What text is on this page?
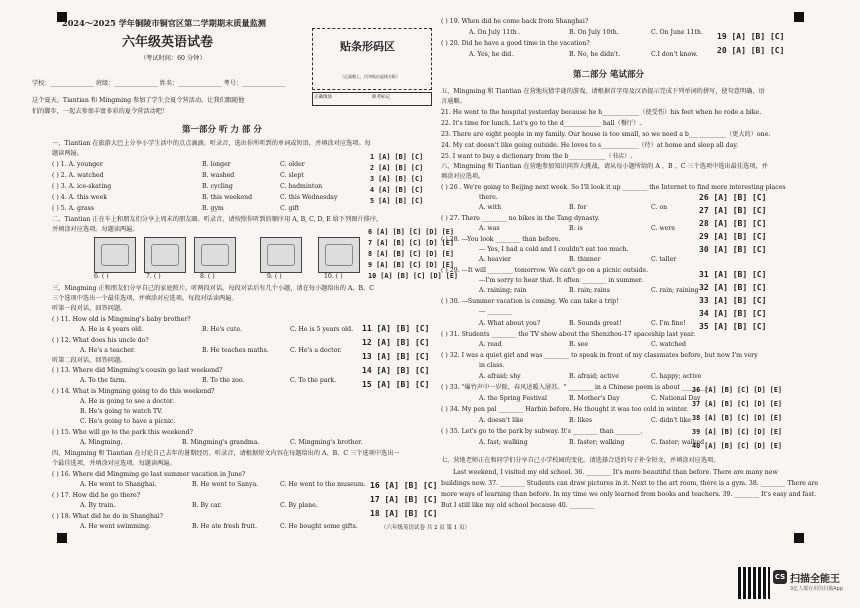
2024～2025 学年铜陵市铜官区第二学期期末质量监测
六年级英语试卷
（考试时间：60 分钟）
贴条形码区
（正面朝上，切勿贴出虚线方框）
学校：______________ 班级：______________ 姓名：______________ 考号：______________
正确填涂	缺考标记
这个夏天，Tiantian 和 Mingming 参加了学生会夏令营活动。让我们跟随他
们的脚步，一起去参加丰富多彩的夏令营活动吧！
第一部分 听 力 部 分
一、Tiantian 在旅游大巴上分享小学生活中的点点滴滴。听录音，选出你所听到的单词或短语，并填涂对应选项。每
题读两遍。
( ) 1. A. younger	B. longer	C. older
1 [A] [B] [C]
( ) 2. A. watched	B. washed	C. slept
2 [A] [B] [C]
( ) 3. A. ice-skating	B. cycling	C. badminton
3 [A] [B] [C]
( ) 4. A. this week	B. this weekend	C. this Wednesday
4 [A] [B] [C]
( ) 5. A. grass	B. gym	C. gift
5 [A] [B] [C]
二、Tiantian 正在车上和朋友们分享上周末的朋友圈。听录音，请按照你听到的顺序用 A, B, C, D, E 给下列图片排序，
并填涂对应选项。每题读两遍。
6. ( )	7. ( )	8. ( )	9. ( )	10. ( )
6 [A] [B] [C] [D] [E]
7 [A] [B] [C] [D] [E]
8 [A] [B] [C] [D] [E]
9 [A] [B] [C] [D] [E]
10 [A] [B] [C] [D] [E]
三、Mingming 正和朋友们分享自己的家庭照片。听两段对话，每段对话后有几个小题，请在每小题给出的 A、B、C
三个选项中选出一个最佳选项，并填涂对应选项。每段对话读两遍。
听第一段对话，回答问题。
( ) 11. How old is Mingming's baby brother?
A. He is 4 years old.	B. He's cute.	C. He is 5 years old. 11 [A] [B] [C]
( ) 12. What does his uncle do?
A. He's a teacher.	B. He teaches maths.	C. He's a doctor.
12 [A] [B] [C]
听第二段对话，回答问题。	13 [A] [B] [C]
( ) 13. Where did Mingming's cousin go last weekend?	14 [A] [B] [C]
A. To the farm.	B. To the zoo.	C. To the park.	15 [A] [B] [C]
( ) 14. What is Mingming going to do this weekend?
A. He is going to see a doctor.
B. He's going to watch TV.
C. He's going to have a picnic.
( ) 15. Who will go to the park this weekend?
A. Mingming.	B. Mingming's grandma.	C. Mingming's brother.
四、Mingming 和 Tiantian 在讨论自己去年的暑期经历。听录音，请根据短文内容在每题给出的 A、B、C 三个选项中选出一
个最佳选项，并填涂对应选项。每题读两遍。
( ) 16. Where did Mingming go last summer vacation in June?
A. He went to Shanghai.	B. He went to Sanya.	C. He went to the museum. 16 [A] [B] [C]
( ) 17. How did he go there?
A. By train.	B. By car.	C. By plane.
17 [A] [B] [C]
( ) 18. What did he do in Shanghai?
A. He went swimming.	B. He ate fresh fruit.	C. He bought some gifts.
18 [A] [B] [C]
( ) 19. When did he come back from Shanghai?
A. On July 11th .	B. On July 10th.	C. On June 11th. 19 [A] [B] [C]
( ) 20. Did he have a good time in the vacation?
A. Yes, he did.	B. No, he didn't.	C.I don't know. 20 [A] [B] [C]
第二部分 笔试部分
五、Mingming 和 Tiantian 在营地玩猜字谜的游戏。请根据首字母及汉语提示完成下列单词的拼写，使句意明确，语
言通顺。
21. He went to the hospital yesterday because he h____________（使受伤）his feet when he rode a bike.
22. It's time for lunch. Let's go to the d____________ hall（餐厅）.
23. There are eight people in my family. Our house is too small, so we need a b____________（更大的）one.
24. My cat doesn't like going outside. He loves to s____________（待）at home and sleep all day.
25. I want to buy a dictionary from the b____________（书店）.
六、Mingming 和 Tiantian 在营地参加知识问答大挑战，请从每小题所给的 A 、B 、C 三个选项中选出最佳选项，并
填涂对应选项。
( ) 26 . We're going to Beijing next week. So I'll look it up ________ the Internet to find more interesting places
there.
A. with	B. for	C. on
( ) 27. There ________ no bikes in the Tang dynasty.
A. was	B. is	C. were
( ) 28. ---You look ________ than before.
--- Yes, I had a cold and I couldn't eat too much.
A. heavier	B. thinner	C. taller
( ) 29. ---It will ________ tomorrow. We can't go on a picnic outside.
---I'm sorry to hear that. It often ________ in summer.
A. raining; rain	B. rain; rains	C. rain; raining
( ) 30. ---Summer vacation is coming. We can take a trip!
--- ________
A. What about you?	B. Sounds great!	C. I'm fine!
( ) 31. Students ________ the TV show about the Shenzhou-17 spaceship last year.
A. read	B. see	C. watched
( ) 32. I was a quiet girl and was ________ to speak in front of my classmates before, but now I'm very
in class.
A. afraid; shy	B. afraid; active	C. happy; active
( ) 33. "爆竹声中一岁除，春风送暖入屠苏。" ________ in a Chinese poem is about ________.
A. the Spring Festival	B. Mother's Day	C. National Day
( ) 34. My pen pal ________ Harbin before. He thought it was too cold in winter.
A. doesn't like	B. likes	C. didn't like
( ) 35. Let's go to the park by subway. It's ________ than ________.
A. fast; walking	B. faster; walking	C. faster; walked
26 [A] [B] [C]
27 [A] [B] [C]
28 [A] [B] [C]
29 [A] [B] [C]
30 [A] [B] [C]
31 [A] [B] [C]
32 [A] [B] [C]
33 [A] [B] [C]
34 [A] [B] [C]
35 [A] [B] [C]
36 [A] [B] [C] [D] [E]
37 [A] [B] [C] [D] [E]
38 [A] [B] [C] [D] [E]
39 [A] [B] [C] [D] [E]
40 [A] [B] [C] [D] [E]
七、营地老师正在和同学们分享自己小学校园的变化。请选择合适的句子补全短文，并填涂对应选项。
Last weekend, I visited my old school. 36. ________ It's more beautiful than before. There are many new
buildings now. 37. ________ Students can draw pictures in it. Next to the art room, there is a gym. 38. ________ There are
more ways of learning than before. In my time we only learned from books and teachers. 39. ________ It's easy and fast.
But I still like my old school because 40. ________
（六年级英语试卷 共 2 页 第 1 页）
CS 扫描全能王
3亿人都在用的扫描App
